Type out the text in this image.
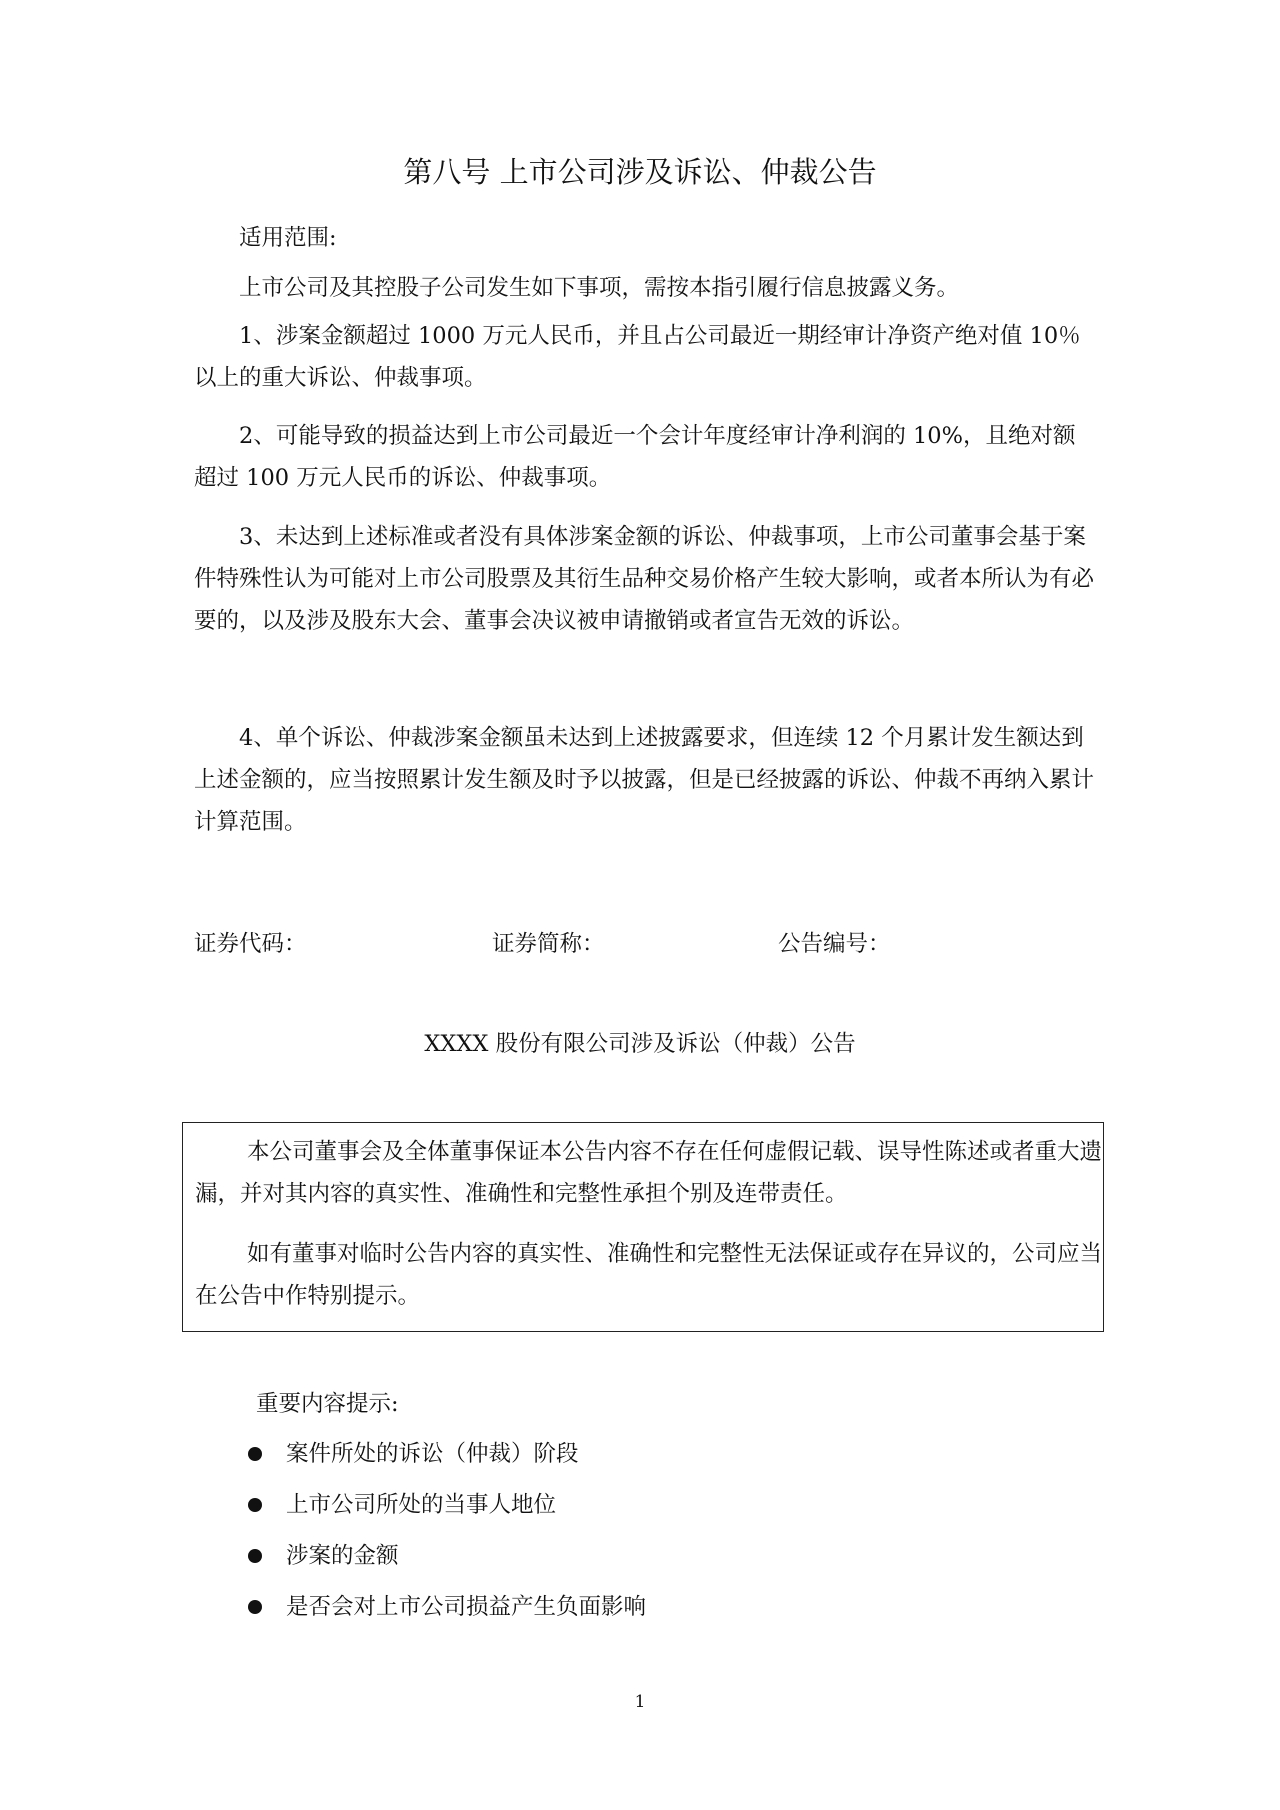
第八号 上市公司涉及诉讼、仲裁公告

适用范围:

上市公司及其控股子公司发生如下事项，需按本指引履行信息披露义务。

1、涉案金额超过 1000 万元人民币，并且占公司最近一期经审计净资产绝对值 10％以上的重大诉讼、仲裁事项。

2、可能导致的损益达到上市公司最近一个会计年度经审计净利润的 10%，且绝对额超过 100 万元人民币的诉讼、仲裁事项。

3、未达到上述标准或者没有具体涉案金额的诉讼、仲裁事项，上市公司董事会基于案件特殊性认为可能对上市公司股票及其衍生品种交易价格产生较大影响，或者本所认为有必要的，以及涉及股东大会、董事会决议被申请撤销或者宣告无效的诉讼。

4、单个诉讼、仲裁涉案金额虽未达到上述披露要求，但连续 12 个月累计发生额达到上述金额的，应当按照累计发生额及时予以披露，但是已经披露的诉讼、仲裁不再纳入累计计算范围。

证券代码：	证券简称：	公告编号：
XXXX 股份有限公司涉及诉讼（仲裁）公告

本公司董事会及全体董事保证本公告内容不存在任何虚假记载、误导性陈述或者重大遗漏，并对其内容的真实性、准确性和完整性承担个别及连带责任。

如有董事对临时公告内容的真实性、准确性和完整性无法保证或存在异议的，公司应当在公告中作特别提示。

重要内容提示:
案件所处的诉讼（仲裁）阶段
上市公司所处的当事人地位
涉案的金额
是否会对上市公司损益产生负面影响
1
